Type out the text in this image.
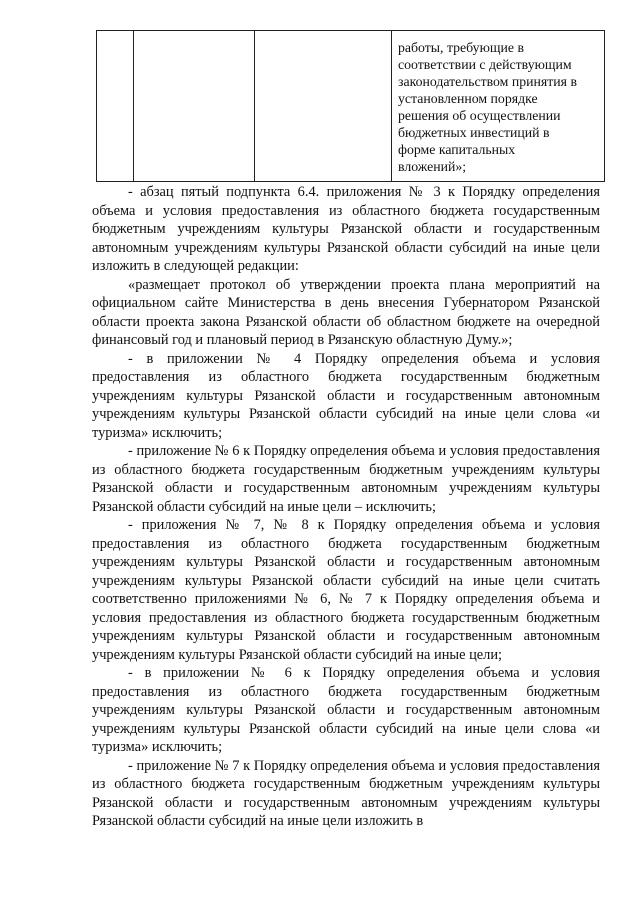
работы, требующие в
соответствии с действующим
законодательством принятия в
установленном порядке
решения об осуществлении
бюджетных инвестиций в
форме капитальных
вложений»;

- абзац пятый подпункта 6.4. приложения № 3 к Порядку определения объема и условия предоставления из областного бюджета государственным бюджетным учреждениям культуры Рязанской области и государственным автономным учреждениям культуры Рязанской области субсидий на иные цели изложить в следующей редакции:

«размещает протокол об утверждении проекта плана мероприятий на официальном сайте Министерства в день внесения Губернатором Рязанской области проекта закона Рязанской области об областном бюджете на очередной финансовый год и плановый период в Рязанскую областную Думу.»;

- в приложении № 4 Порядку определения объема и условия предоставления из областного бюджета государственным бюджетным учреждениям культуры Рязанской области и государственным автономным учреждениям культуры Рязанской области субсидий на иные цели слова «и туризма» исключить;

- приложение № 6 к Порядку определения объема и условия предоставления из областного бюджета государственным бюджетным учреждениям культуры Рязанской области и государственным автономным учреждениям культуры Рязанской области субсидий на иные цели – исключить;

- приложения № 7, № 8 к Порядку определения объема и условия предоставления из областного бюджета государственным бюджетным учреждениям культуры Рязанской области и государственным автономным учреждениям культуры Рязанской области субсидий на иные цели считать соответственно приложениями № 6, № 7 к Порядку определения объема и условия предоставления из областного бюджета государственным бюджетным учреждениям культуры Рязанской области и государственным автономным учреждениям культуры Рязанской области субсидий на иные цели;

- в приложении № 6 к Порядку определения объема и условия предоставления из областного бюджета государственным бюджетным учреждениям культуры Рязанской области и государственным автономным учреждениям культуры Рязанской области субсидий на иные цели слова «и туризма» исключить;

- приложение № 7 к Порядку определения объема и условия предоставления из областного бюджета государственным бюджетным учреждениям культуры Рязанской области и государственным автономным учреждениям культуры Рязанской области субсидий на иные цели изложить в
